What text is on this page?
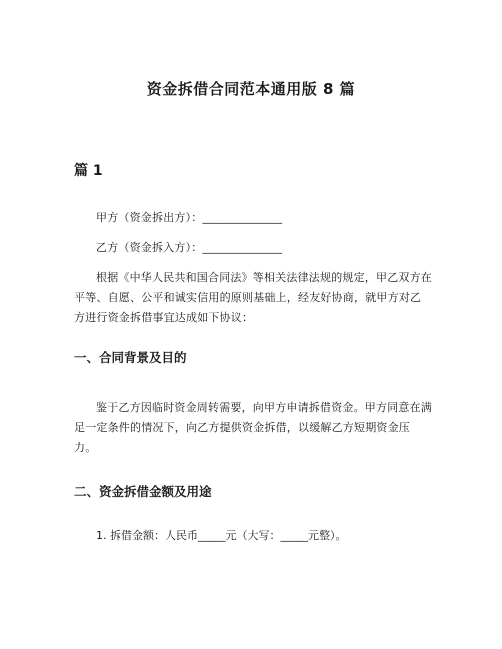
资金拆借合同范本通用版 8 篇
篇 1

甲方（资金拆出方）：______________

乙方（资金拆入方）：______________

根据《中华人民共和国合同法》等相关法律法规的规定，甲乙双方在平等、自愿、公平和诚实信用的原则基础上，经友好协商，就甲方对乙方进行资金拆借事宜达成如下协议：

一、合同背景及目的

鉴于乙方因临时资金周转需要，向甲方申请拆借资金。甲方同意在满足一定条件的情况下，向乙方提供资金拆借，以缓解乙方短期资金压力。

二、资金拆借金额及用途

1. 拆借金额：人民币_____元（大写：_____元整）。
